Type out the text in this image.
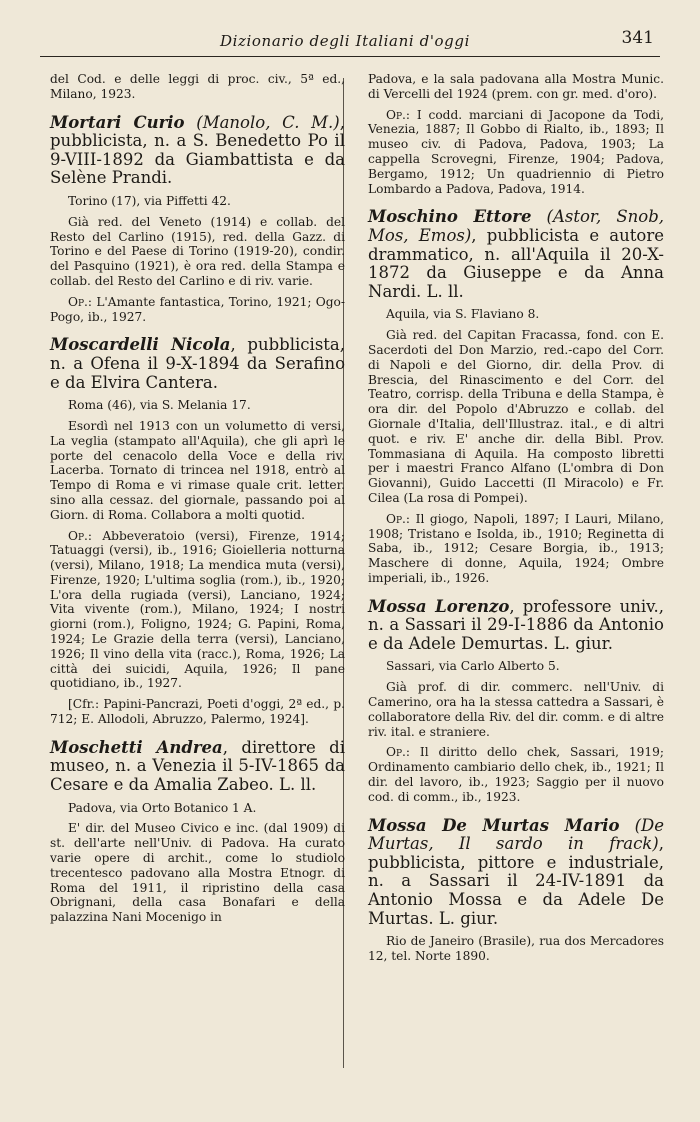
Dizionario degli Italiani d'oggi	341

del Cod. e delle leggi di proc. civ., 5ª ed., Milano, 1923.

Mortari Curio (Manolo, C. M.), pubblicista, n. a S. Benedetto Po il 9-VIII-1892 da Giambattista e da Selène Prandi.

Torino (17), via Piffetti 42.

Già red. del Veneto (1914) e collab. del Resto del Carlino (1915), red. della Gazz. di Torino e del Paese di Torino (1919-20), condir. del Pasquino (1921), è ora red. della Stampa e collab. del Resto del Carlino e di riv. varie.

Op.: L'Amante fantastica, Torino, 1921; Ogo-Pogo, ib., 1927.

Moscardelli Nicola, pubblicista, n. a Ofena il 9-X-1894 da Serafino e da Elvira Cantera.

Roma (46), via S. Melania 17.

Esordì nel 1913 con un volumetto di versi, La veglia (stampato all'Aquila), che gli aprì le porte del cenacolo della Voce e della riv. Lacerba. Tornato di trincea nel 1918, entrò al Tempo di Roma e vi rimase quale crit. letter. sino alla cessaz. del giornale, passando poi al Giorn. di Roma. Collabora a molti quotid.

Op.: Abbeveratoio (versi), Firenze, 1914; Tatuaggi (versi), ib., 1916; Gioielleria notturna (versi), Milano, 1918; La mendica muta (versi), Firenze, 1920; L'ultima soglia (rom.), ib., 1920; L'ora della rugiada (versi), Lanciano, 1924; Vita vivente (rom.), Milano, 1924; I nostri giorni (rom.), Foligno, 1924; G. Papini, Roma, 1924; Le Grazie della terra (versi), Lanciano, 1926; Il vino della vita (racc.), Roma, 1926; La città dei suicidi, Aquila, 1926; Il pane quotidiano, ib., 1927.

[Cfr.: Papini-Pancrazi, Poeti d'oggi, 2ª ed., p. 712; E. Allodoli, Abruzzo, Palermo, 1924].

Moschetti Andrea, direttore di museo, n. a Venezia il 5-IV-1865 da Cesare e da Amalia Zabeo. L. ll.

Padova, via Orto Botanico 1 A.

E' dir. del Museo Civico e inc. (dal 1909) di st. dell'arte nell'Univ. di Padova. Ha curato varie opere di archit., come lo studiolo trecentesco padovano alla Mostra Etnogr. di Roma del 1911, il ripristino della casa Obrignani, della casa Bonafari e della palazzina Nani Mocenigo in

Padova, e la sala padovana alla Mostra Munic. di Vercelli del 1924 (prem. con gr. med. d'oro).

Op.: I codd. marciani di Jacopone da Todi, Venezia, 1887; Il Gobbo di Rialto, ib., 1893; Il museo civ. di Padova, Padova, 1903; La cappella Scrovegni, Firenze, 1904; Padova, Bergamo, 1912; Un quadriennio di Pietro Lombardo a Padova, Padova, 1914.

Moschino Ettore (Astor, Snob, Mos, Emos), pubblicista e autore drammatico, n. all'Aquila il 20-X-1872 da Giuseppe e da Anna Nardi. L. ll.

Aquila, via S. Flaviano 8.

Già red. del Capitan Fracassa, fond. con E. Sacerdoti del Don Marzio, red.-capo del Corr. di Napoli e del Giorno, dir. della Prov. di Brescia, del Rinascimento e del Corr. del Teatro, corrisp. della Tribuna e della Stampa, è ora dir. del Popolo d'Abruzzo e collab. del Giornale d'Italia, dell'Illustraz. ital., e di altri quot. e riv. E' anche dir. della Bibl. Prov. Tommasiana di Aquila. Ha composto libretti per i maestri Franco Alfano (L'ombra di Don Giovanni), Guido Laccetti (Il Miracolo) e Fr. Cilea (La rosa di Pompei).

Op.: Il giogo, Napoli, 1897; I Lauri, Milano, 1908; Tristano e Isolda, ib., 1910; Reginetta di Saba, ib., 1912; Cesare Borgia, ib., 1913; Maschere di donne, Aquila, 1924; Ombre imperiali, ib., 1926.

Mossa Lorenzo, professore univ., n. a Sassari il 29-I-1886 da Antonio e da Adele Demurtas. L. giur.

Sassari, via Carlo Alberto 5.

Già prof. di dir. commerc. nell'Univ. di Camerino, ora ha la stessa cattedra a Sassari, è collaboratore della Riv. del dir. comm. e di altre riv. ital. e straniere.

Op.: Il diritto dello chek, Sassari, 1919; Ordinamento cambiario dello chek, ib., 1921; Il dir. del lavoro, ib., 1923; Saggio per il nuovo cod. di comm., ib., 1923.

Mossa De Murtas Mario (De Murtas, Il sardo in frack), pubblicista, pittore e industriale, n. a Sassari il 24-IV-1891 da Antonio Mossa e da Adele De Murtas. L. giur.

Rio de Janeiro (Brasile), rua dos Mercadores 12, tel. Norte 1890.
